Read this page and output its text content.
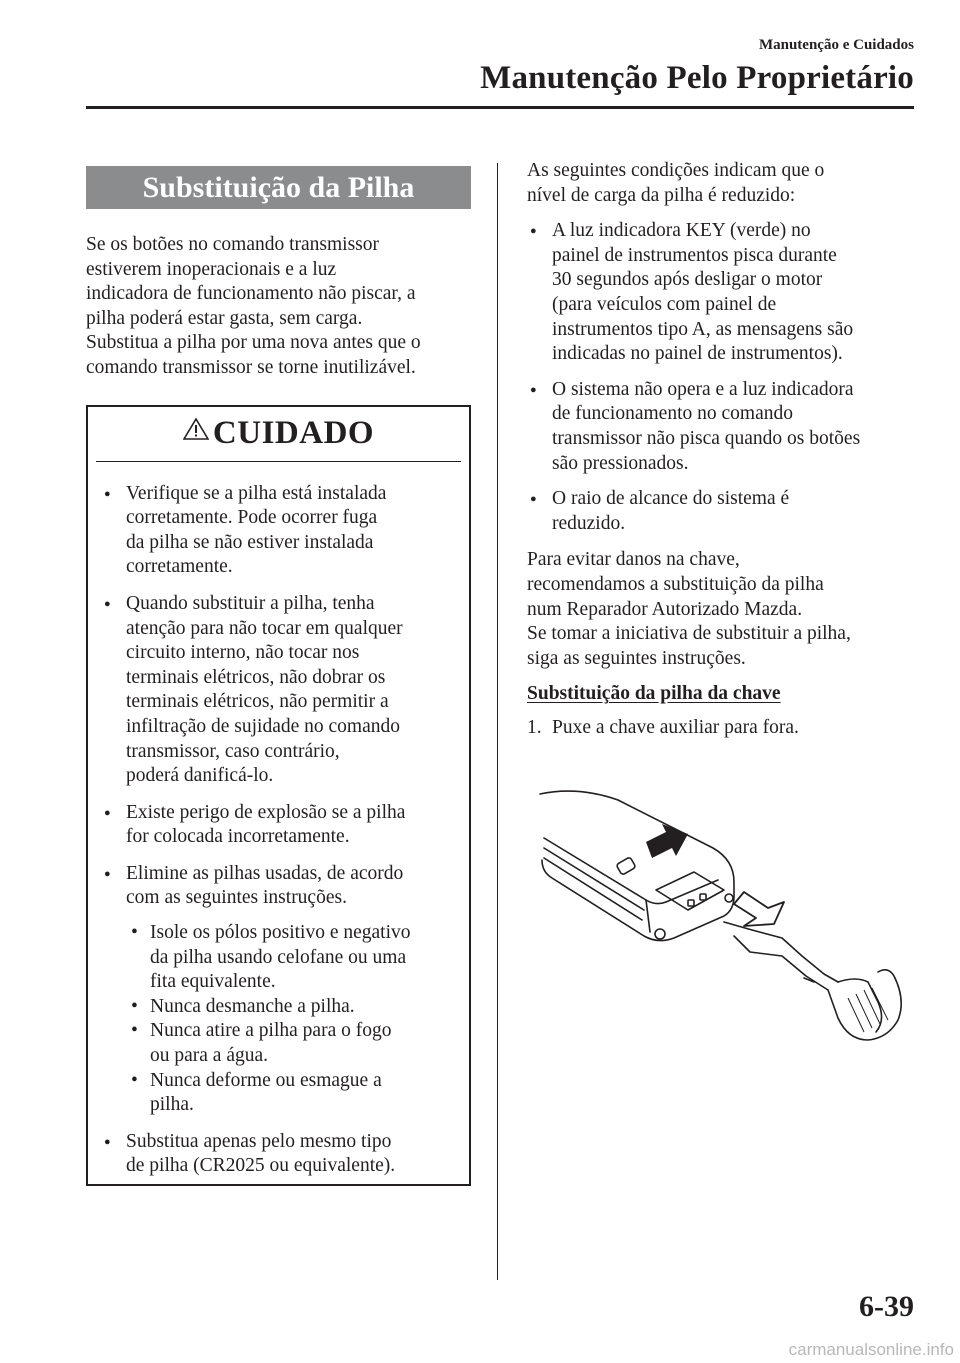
Manutenção e Cuidados
Manutenção Pelo Proprietário
Substituição da Pilha

Se os botões no comando transmissor
estiverem inoperacionais e a luz
indicadora de funcionamento não piscar, a
pilha poderá estar gasta, sem carga.
Substitua a pilha por uma nova antes que o
comando transmissor se torne inutilizável.

CUIDADO
● Verifique se a pilha está instalada
corretamente. Pode ocorrer fuga
da pilha se não estiver instalada
corretamente.
● Quando substituir a pilha, tenha
atenção para não tocar em qualquer
circuito interno, não tocar nos
terminais elétricos, não dobrar os
terminais elétricos, não permitir a
infiltração de sujidade no comando
transmissor, caso contrário,
poderá danificá-lo.
● Existe perigo de explosão se a pilha
for colocada incorretamente.
● Elimine as pilhas usadas, de acordo
com as seguintes instruções.
• Isole os pólos positivo e negativo
da pilha usando celofane ou uma
fita equivalente.
• Nunca desmanche a pilha.
• Nunca atire a pilha para o fogo
ou para a água.
• Nunca deforme ou esmague a
pilha.
● Substitua apenas pelo mesmo tipo
de pilha (CR2025 ou equivalente).

As seguintes condições indicam que o
nível de carga da pilha é reduzido:

● A luz indicadora KEY (verde) no
painel de instrumentos pisca durante
30 segundos após desligar o motor
(para veículos com painel de
instrumentos tipo A, as mensagens são
indicadas no painel de instrumentos).
● O sistema não opera e a luz indicadora
de funcionamento no comando
transmissor não pisca quando os botões
são pressionados.
● O raio de alcance do sistema é
reduzido.

Para evitar danos na chave,
recomendamos a substituição da pilha
num Reparador Autorizado Mazda.
Se tomar a iniciativa de substituir a pilha,
siga as seguintes instruções.

Substituição da pilha da chave
1. Puxe a chave auxiliar para fora.
6-39
carmanualsonline.info
